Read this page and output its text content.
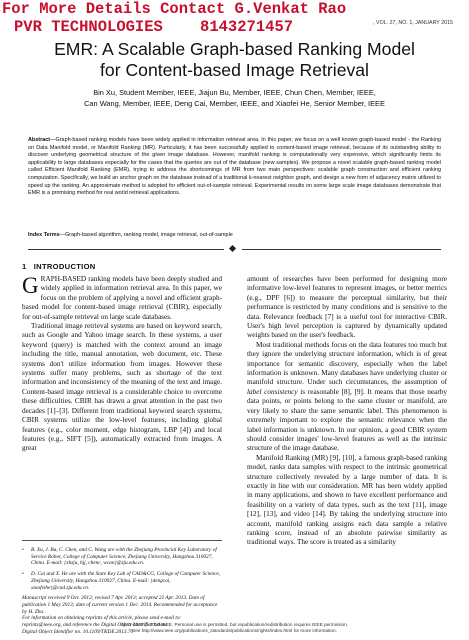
For More Details Contact G.Venkat Rao
PVR TECHNOLOGIES    8143271457	, VOL. 27, NO. 1, JANUARY 2015
EMR: A Scalable Graph-based Ranking Model
for Content-based Image Retrieval
Bin Xu, Student Member, IEEE, Jiajun Bu, Member, IEEE, Chun Chen, Member, IEEE,
Can Wang, Member, IEEE, Deng Cai, Member, IEEE, and Xiaofei He, Senior Member, IEEE
Abstract—Graph-based ranking models have been widely applied in information retrieval area. In this paper, we focus on a well known graph-based model - the Ranking on Data Manifold model, or Manifold Ranking (MR). Particularly, it has been successfully applied to content-based image retrieval, because of its outstanding ability to discover underlying geometrical structure of the given image database. However, manifold ranking is computationally very expensive, which significantly limits its applicability to large databases especially for the cases that the queries are out of the database (new samples). We propose a novel scalable graph-based ranking model called Efficient Manifold Ranking (EMR), trying to address the shortcomings of MR from two main perspectives: scalable graph construction and efficient ranking computation. Specifically, we build an anchor graph on the database instead of a traditional k-nearest neighbor graph, and design a new form of adjacency matrix utilized to speed up the ranking. An approximate method is adopted for efficient out-of-sample retrieval. Experimental results on some large scale image databases demonstrate that EMR is a promising method for real world retrieval applications.
Index Terms—Graph-based algorithm, ranking model, image retrieval, out-of-sample
1 INTRODUCTION

GRAPH-BASED ranking models have been deeply studied and widely applied in information retrieval area. In this paper, we focus on the problem of applying a novel and efficient graph-based model for content-based image retrieval (CBIR), especially for out-of-sample retrieval on large scale databases.

Traditional image retrieval systems are based on keyword search, such as Google and Yahoo image search. In these systems, a user keyword (query) is matched with the context around an image including the title, manual annotation, web document, etc. These systems don't utilize information from images. However these systems suffer many problems, such as shortage of the text information and inconsistency of the meaning of the text and image. Content-based image retrieval is a considerable choice to overcome these difficulties. CBIR has drawn a great attention in the past two decades [1]–[3]. Different from traditional keyword search systems, CBIR systems utilize the low-level features, including global features (e.g., color moment, edge histogram, LBP [4]) and local features (e.g., SIFT [5]), automatically extracted from images. A great

• B. Xu, J. Bu, C. Chen, and C. Wang are with the Zhejiang Provincial Key Laboratory of Service Robot, College of Computer Science, Zhejiang University, Hangzhou 310027, China. E-mail: {xbzju, bjj, chenc, wcan}@zju.edu.cn.
• D. Cai and X. He are with the State Key Lab of CAD&CG, College of Computer Science, Zhejiang University, Hangzhou 310027, China. E-mail: {dengcai, xiaofeihe}@cad.zju.edu.cn.
Manuscript received 9 Oct. 2012; revised 7 Apr. 2013; accepted 22 Apr. 2013. Date of publication 1 May 2013; date of current version 1 Dec. 2014. Recommended for acceptance by H. Zha.
For information on obtaining reprints of this article, please send e-mail to: reprints@ieee.org, and reference the Digital Object Identifier below.
Digital Object Identifier no. 10.1109/TKDE.2013.70

amount of researches have been performed for designing more informative low-level features to represent images, or better metrics (e.g., DPF [6]) to measure the perceptual similarity, but their performance is restricted by many conditions and is sensitive to the data. Relevance feedback [7] is a useful tool for interactive CBIR. User's high level perception is captured by dynamically updated weights based on the user's feedback.

Most traditional methods focus on the data features too much but they ignore the underlying structure information, which is of great importance for semantic discovery, especially when the label information is unknown. Many databases have underlying cluster or manifold structure. Under such circumstances, the assumption of label consistency is reasonable [8], [9]. It means that those nearby data points, or points belong to the same cluster or manifold, are very likely to share the same semantic label. This phenomenon is extremely important to explore the semantic relevance when the label information is unknown. In our opinion, a good CBIR system should consider images' low-level features as well as the intrinsic structure of the image database.

Manifold Ranking (MR) [9], [10], a famous graph-based ranking model, ranks data samples with respect to the intrinsic geometrical structure collectively revealed by a large number of data. It is exactly in line with our consideration. MR has been widely applied in many applications, and shown to have excellent performance and feasibility on a variety of data types, such as the text [11], image [12], [13], and video [14]. By taking the underlying structure into account, manifold ranking assigns each data sample a relative ranking score, instead of an absolute pairwise similarity as traditional ways. The score is treated as a similarity

1041-4347 © 2013 IEEE. Personal use is permitted, but republication/redistribution requires IEEE permission.
See http://www.ieee.org/publications_standards/publications/rights/index.html for more information.
